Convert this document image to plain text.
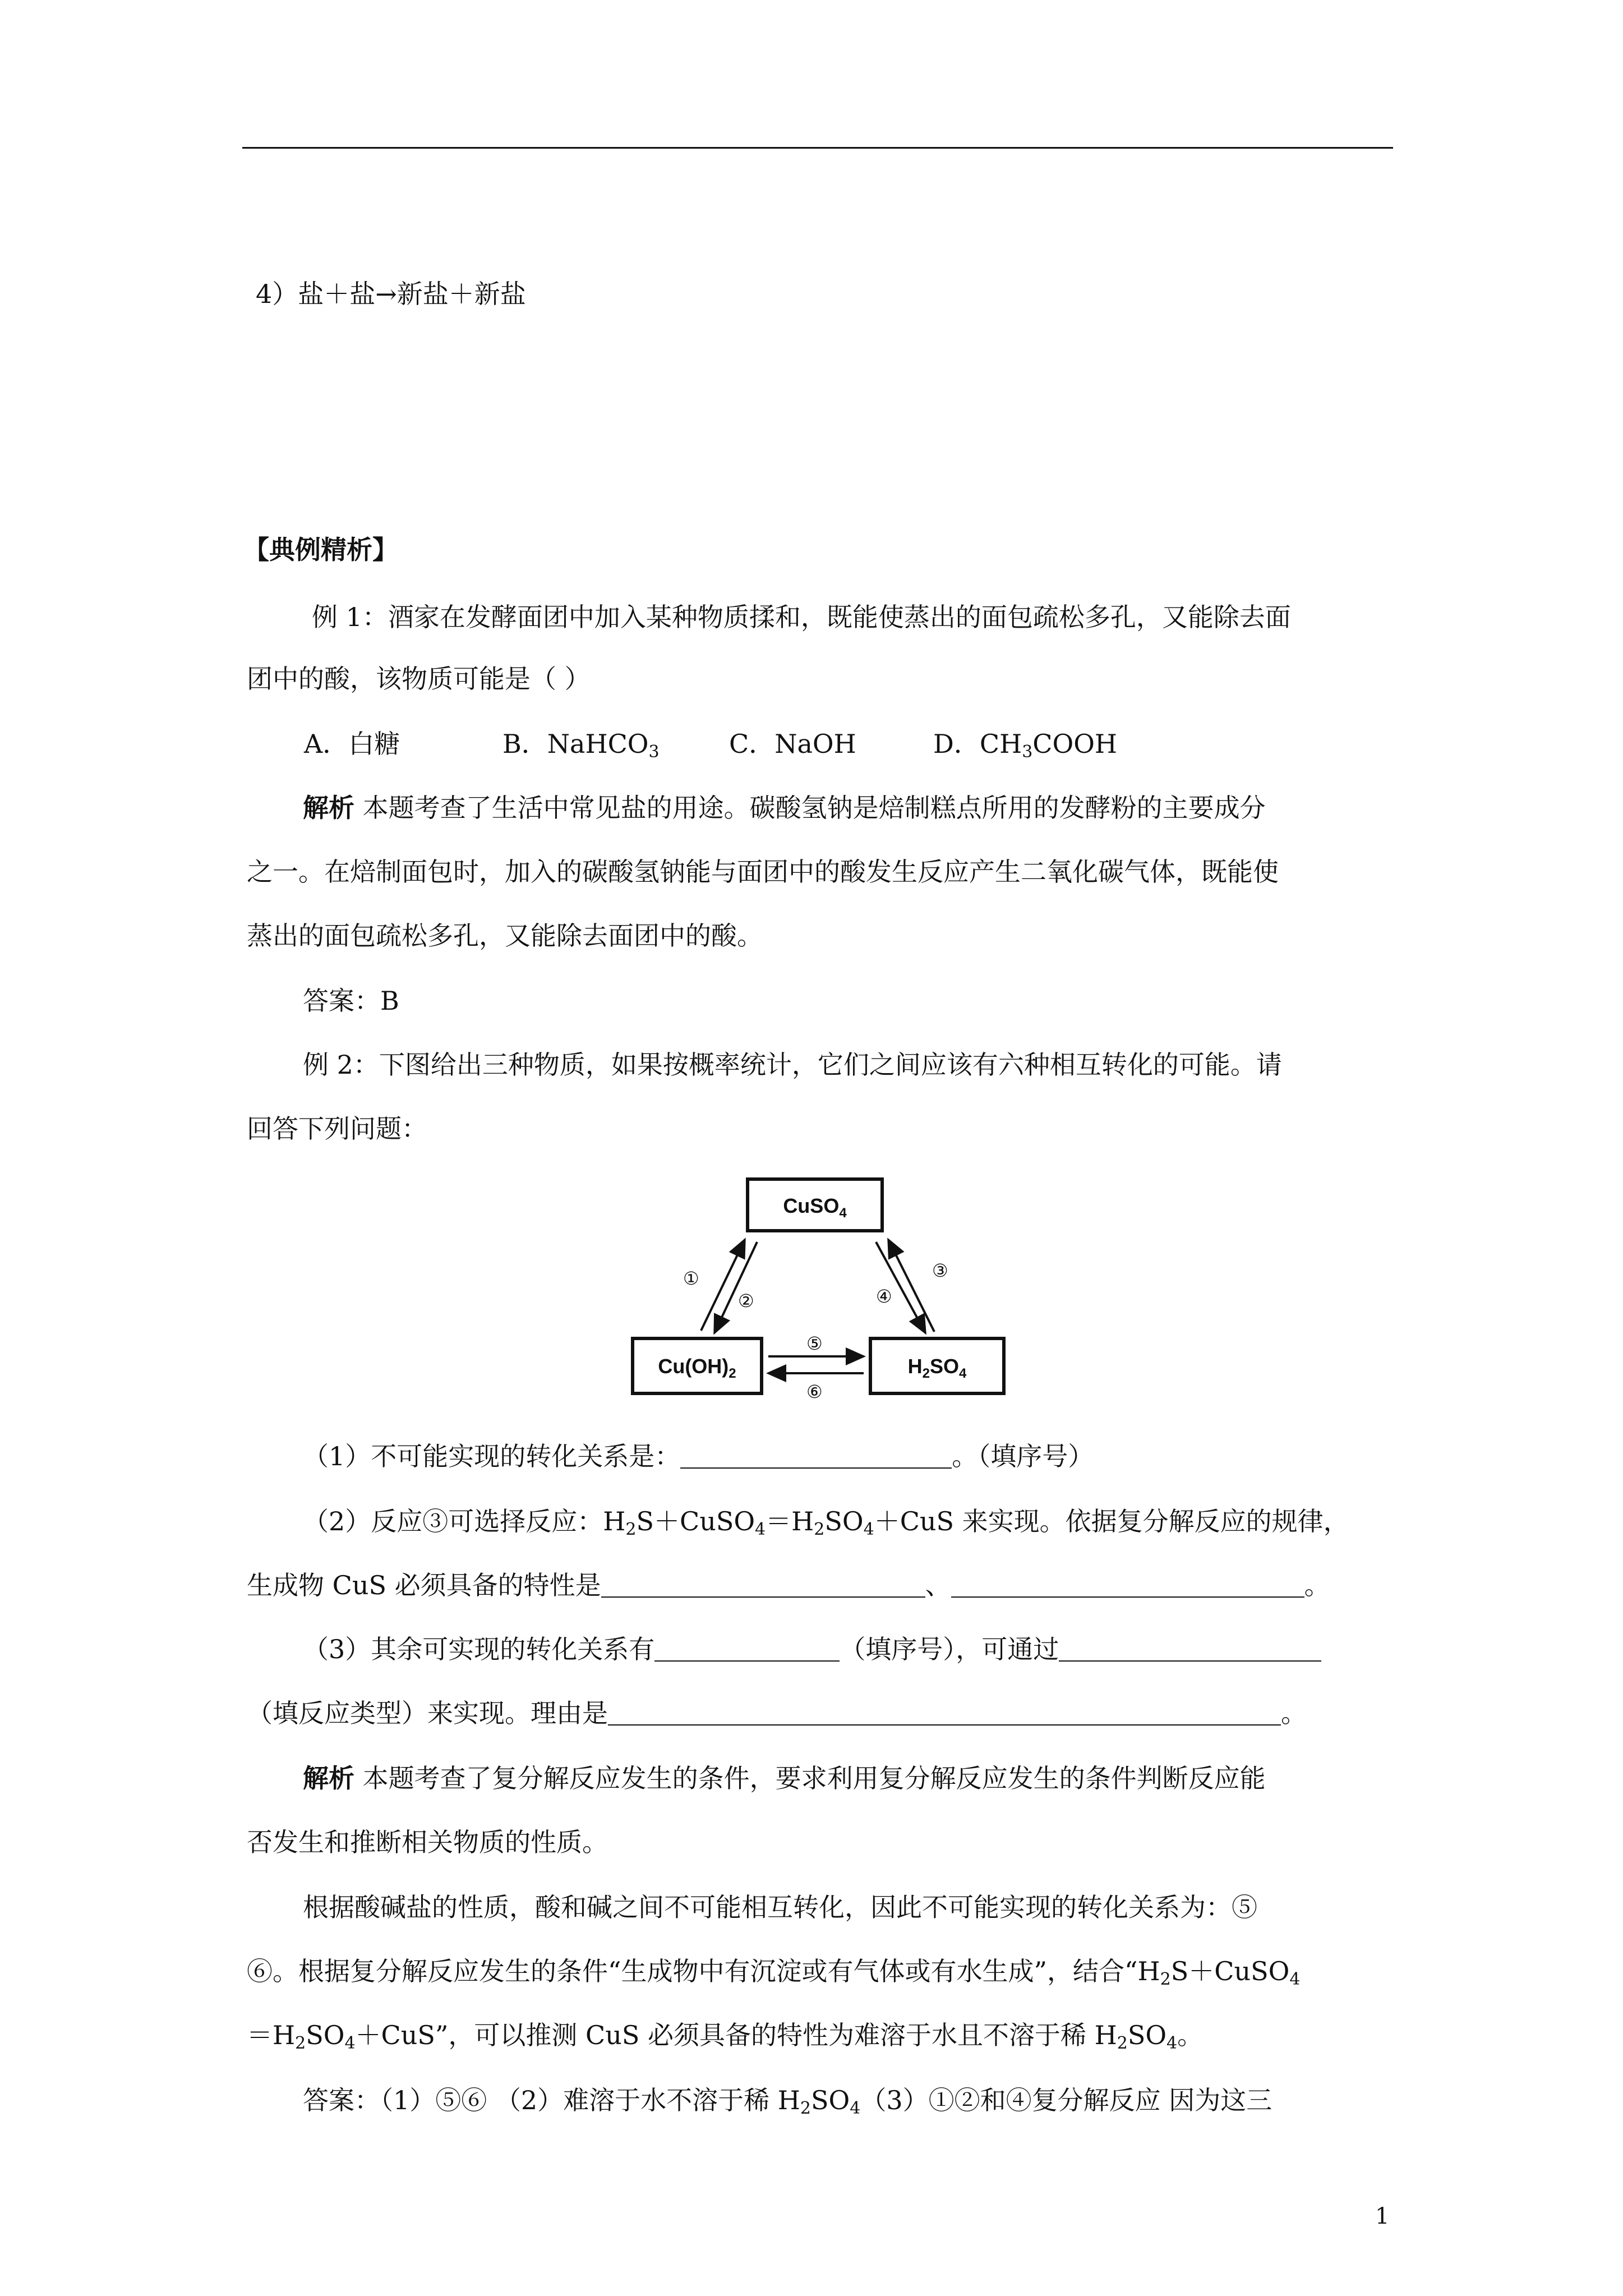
4）盐＋盐→新盐＋新盐
【典例精析】
例 1：酒家在发酵面团中加入某种物质揉和，既能使蒸出的面包疏松多孔，又能除去面
团中的酸，该物质可能是（ ）
A．白糖	B．NaHCO$_3$	C．NaOH	D．$CH_3COOH$
解析 本题考查了生活中常见盐的用途。碳酸氢钠是焙制糕点所用的发酵粉的主要成分
之一。在焙制面包时，加入的碳酸氢钠能与面团中的酸发生反应产生二氧化碳气体，既能使
蒸出的面包疏松多孔，又能除去面团中的酸。
答案：B
例 2：下图给出三种物质，如果按概率统计，它们之间应该有六种相互转化的可能。请
回答下列问题：
CuSO$_4$
$Cu(OH)_2$	$H_2SO_4$
①
②	④
③
⑤
⑥
（1）不可能实现的转化关系是：	。（填序号）
（2）反应③可选择反应：$H_2S+CuSO_4=H_2SO_4+CuS$ 来实现。依据复分解反应的规律，
生成物 CuS 必须具备的特性是	、	。
（3）其余可实现的转化关系有	（填序号），可通过
（填反应类型）来实现。理由是	。
解析 本题考查了复分解反应发生的条件，要求利用复分解反应发生的条件判断反应能
否发生和推断相关物质的性质。
根据酸碱盐的性质，酸和碱之间不可能相互转化，因此不可能实现的转化关系为：⑤
⑥。根据复分解反应发生的条件“生成物中有沉淀或有气体或有水生成”，结合“$H_2S+CuSO_4$
$=H_2SO_4+CuS$”，可以推测 CuS 必须具备的特性为难溶于水且不溶于稀 $H_2SO_4$。
答案：（1）⑤⑥ （2）难溶于水不溶于稀 $H_2SO_4(3)①②$和④复分解反应 因为这三
1
